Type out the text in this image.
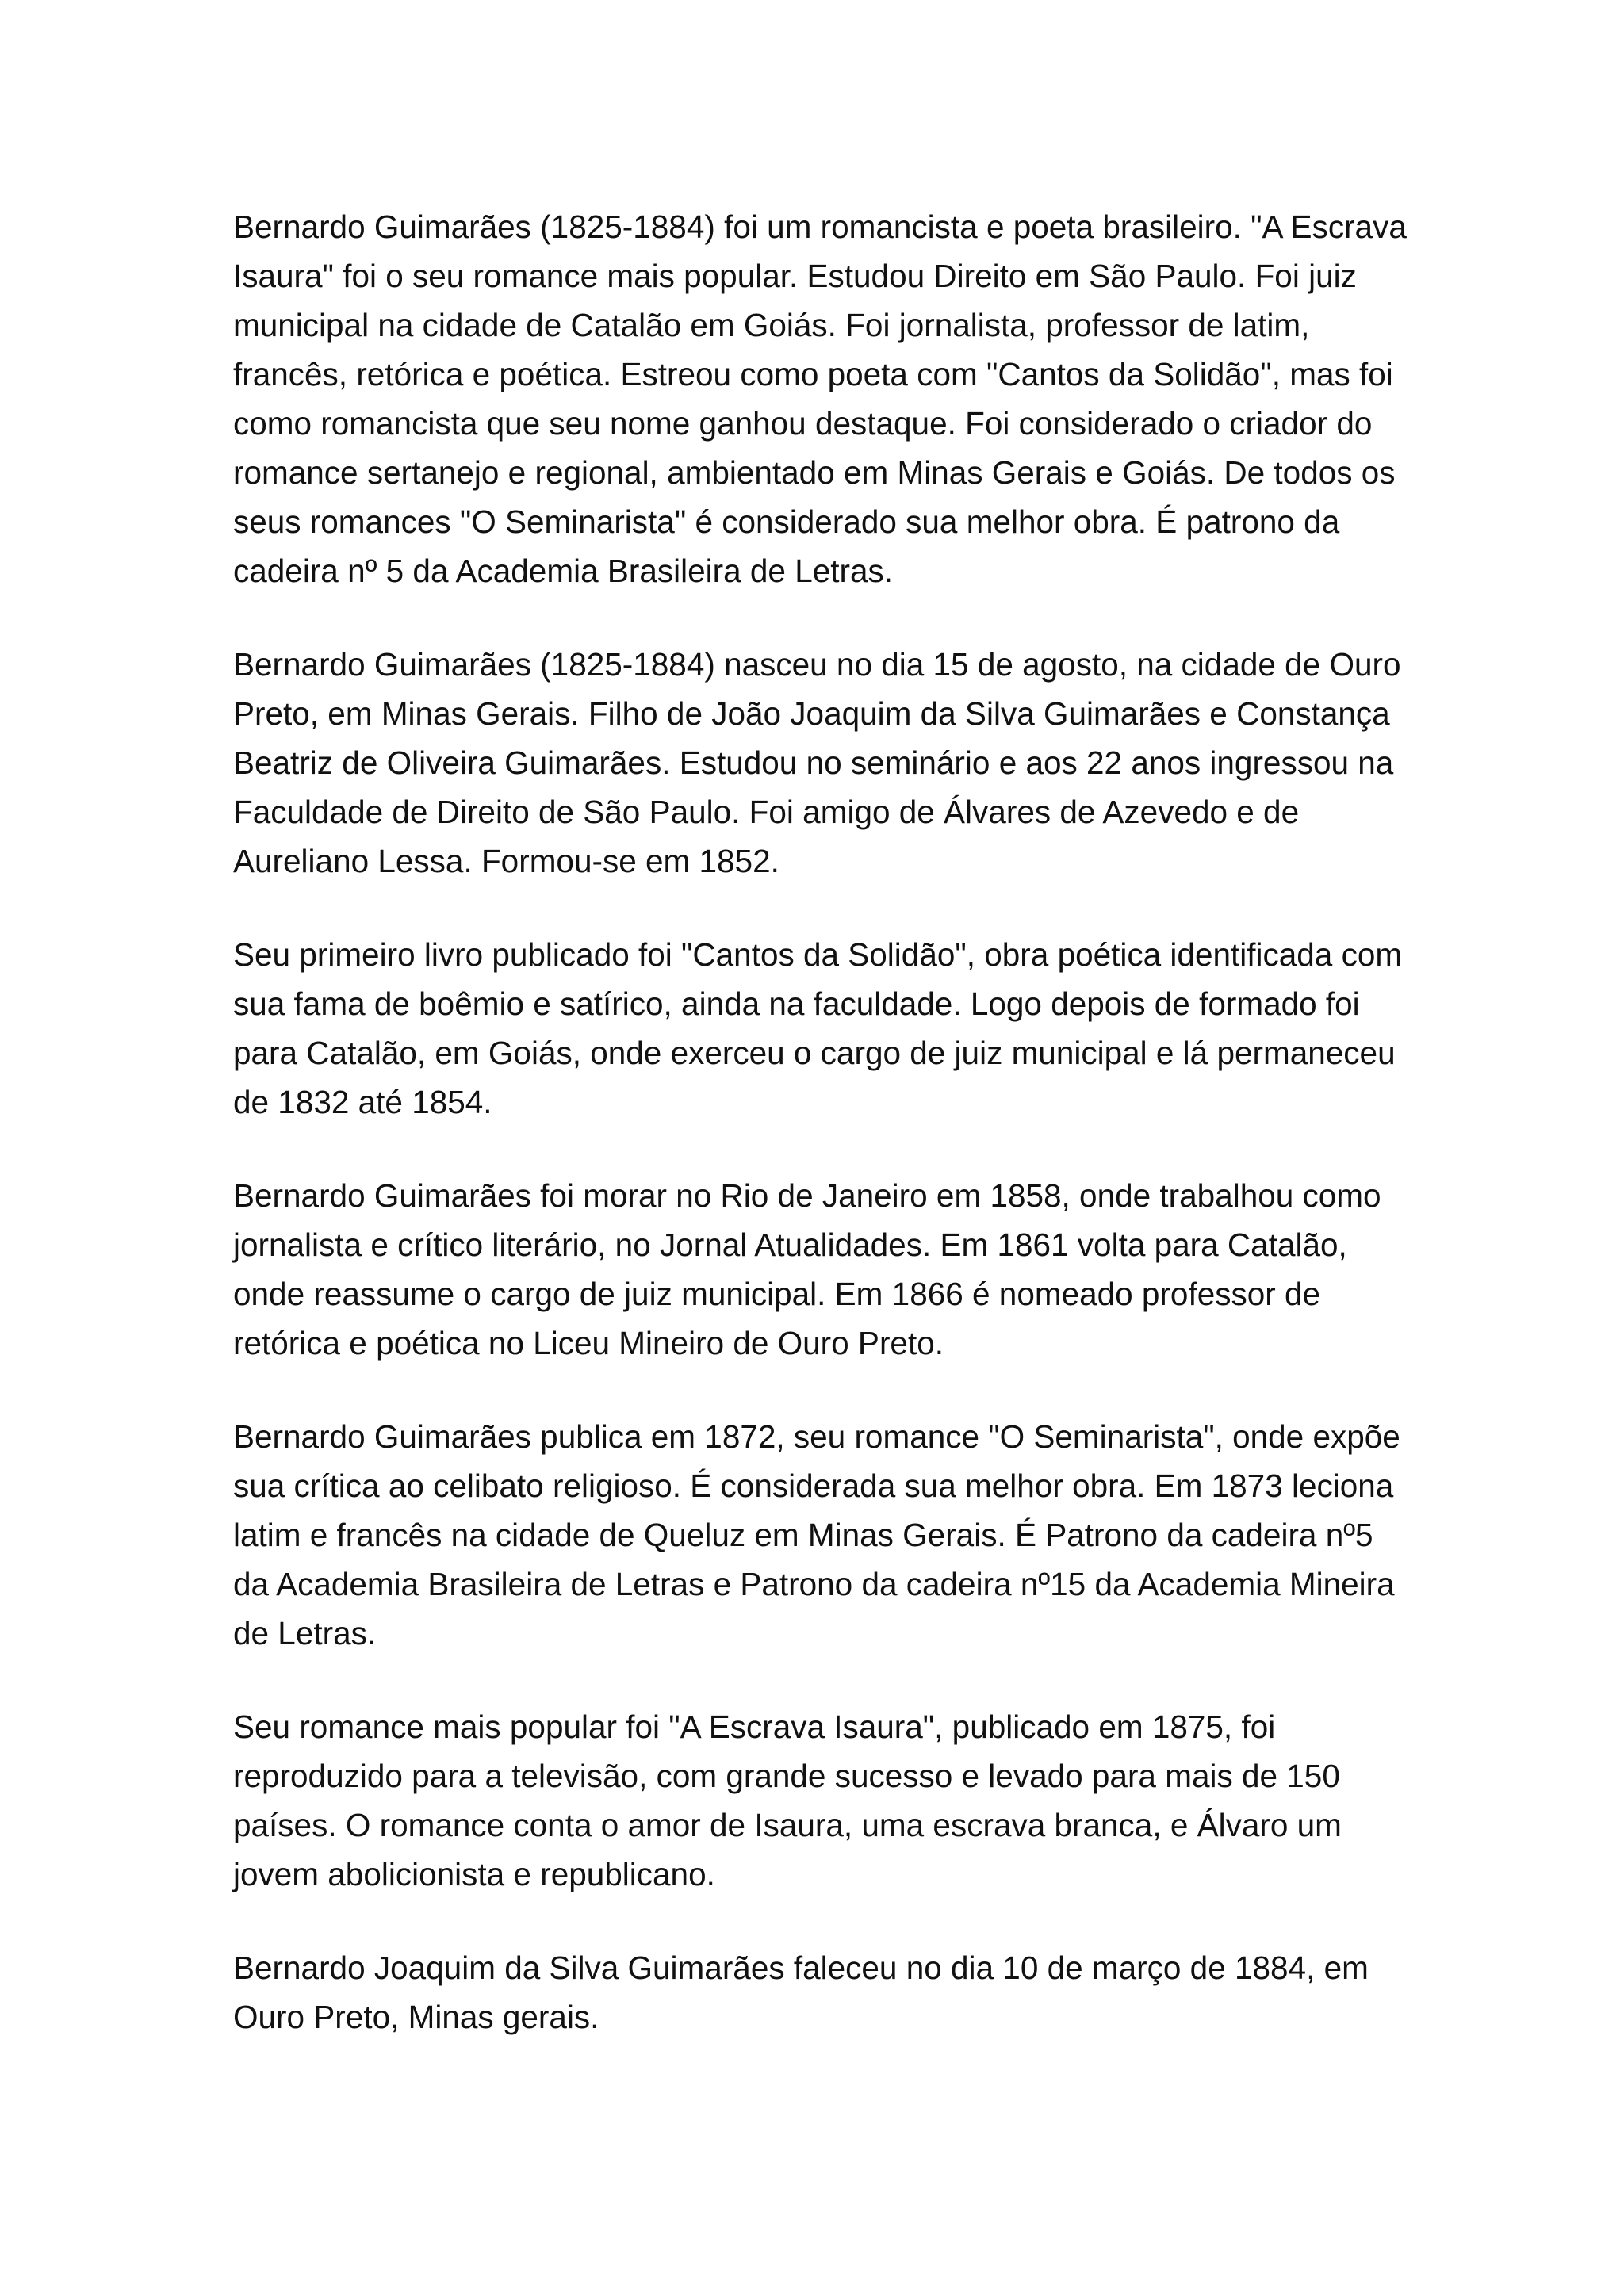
Bernardo Guimarães (1825-1884) foi um romancista e poeta brasileiro. "A Escrava Isaura" foi o seu romance mais popular. Estudou Direito em São Paulo. Foi juiz municipal na cidade de Catalão em Goiás. Foi jornalista, professor de latim, francês, retórica e poética. Estreou como poeta com "Cantos da Solidão", mas foi como romancista que seu nome ganhou destaque. Foi considerado o criador do romance sertanejo e regional, ambientado em Minas Gerais e Goiás. De todos os seus romances "O Seminarista" é considerado sua melhor obra. É patrono da cadeira nº 5 da Academia Brasileira de Letras.

Bernardo Guimarães (1825-1884) nasceu no dia 15 de agosto, na cidade de Ouro Preto, em Minas Gerais. Filho de João Joaquim da Silva Guimarães e Constança Beatriz de Oliveira Guimarães. Estudou no seminário e aos 22 anos ingressou na Faculdade de Direito de São Paulo. Foi amigo de Álvares de Azevedo e de Aureliano Lessa. Formou-se em 1852.

Seu primeiro livro publicado foi "Cantos da Solidão", obra poética identificada com sua fama de boêmio e satírico, ainda na faculdade. Logo depois de formado foi para Catalão, em Goiás, onde exerceu o cargo de juiz municipal e lá permaneceu de 1832 até 1854.

Bernardo Guimarães foi morar no Rio de Janeiro em 1858, onde trabalhou como jornalista e crítico literário, no Jornal Atualidades. Em 1861 volta para Catalão, onde reassume o cargo de juiz municipal. Em 1866 é nomeado professor de retórica e poética no Liceu Mineiro de Ouro Preto.

Bernardo Guimarães publica em 1872, seu romance "O Seminarista", onde expõe sua crítica ao celibato religioso. É considerada sua melhor obra. Em 1873 leciona latim e francês na cidade de Queluz em Minas Gerais. É Patrono da cadeira nº5 da Academia Brasileira de Letras e Patrono da cadeira nº15 da Academia Mineira de Letras.

Seu romance mais popular foi "A Escrava Isaura", publicado em 1875, foi reproduzido para a televisão, com grande sucesso e levado para mais de 150 países. O romance conta o amor de Isaura, uma escrava branca, e Álvaro um jovem abolicionista e republicano.

Bernardo Joaquim da Silva Guimarães faleceu no dia 10 de março de 1884, em Ouro Preto, Minas gerais.
